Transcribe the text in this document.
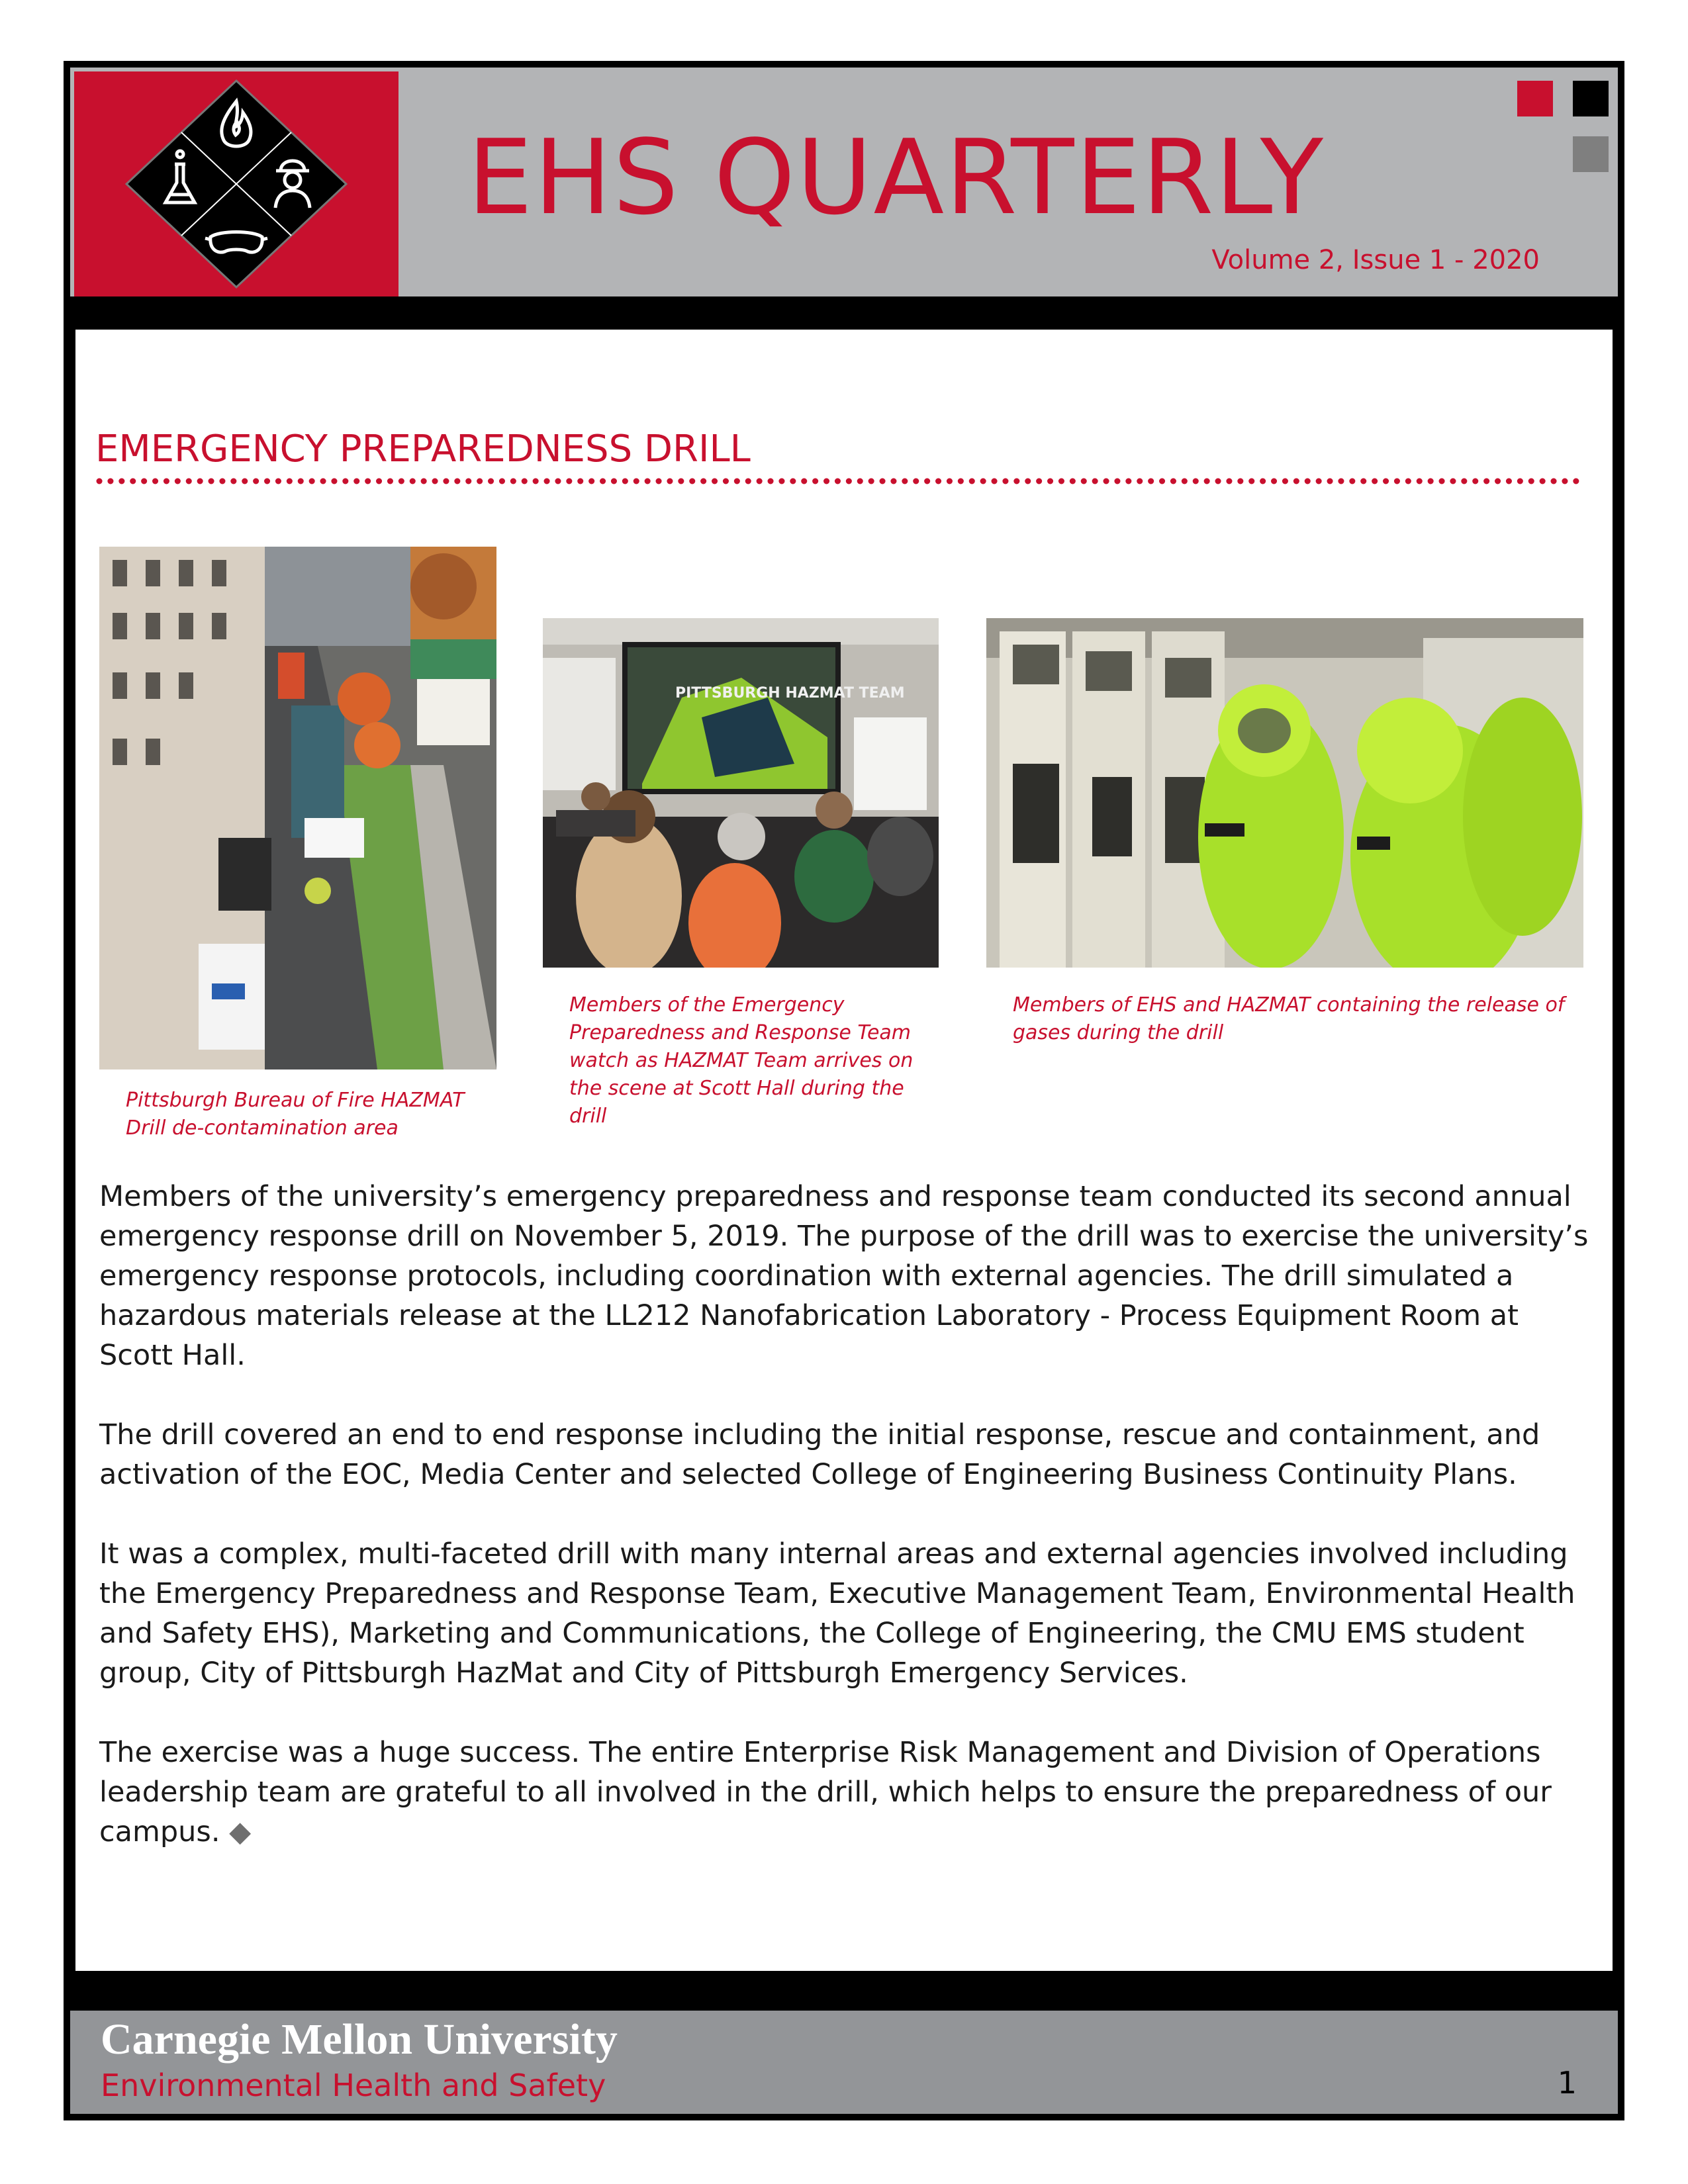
EHS QUARTERLY
Volume 2, Issue 1 - 2020
EMERGENCY PREPAREDNESS DRILL
PITTSBURGH HAZMAT TEAM
Pittsburgh Bureau of Fire HAZMAT Drill de-contamination area
Members of the Emergency Preparedness and Response Team watch as HAZMAT Team arrives on the scene at Scott Hall during the drill
Members of EHS and HAZMAT containing the release of gases during the drill

Members of the university’s emergency preparedness and response team conducted its second annual emergency response drill on November 5, 2019. The purpose of the drill was to exercise the university’s emergency response protocols, including coordination with external agencies. The drill simulated a hazardous materials release at the LL212 Nanofabrication Laboratory - Process Equipment Room at Scott Hall.

The drill covered an end to end response including the initial response, rescue and containment, and activation of the EOC, Media Center and selected College of Engineering Business Continuity Plans.

It was a complex, multi-faceted drill with many internal areas and external agencies involved including the Emergency Preparedness and Response Team, Executive Management Team, Environmental Health and Safety EHS), Marketing and Communications, the College of Engineering, the CMU EMS student group, City of Pittsburgh HazMat and City of Pittsburgh Emergency Services.

The exercise was a huge success. The entire Enterprise Risk Management and Division of Operations leadership team are grateful to all involved in the drill, which helps to ensure the preparedness of our campus. ◆

Carnegie Mellon University
Environmental Health and Safety	1
